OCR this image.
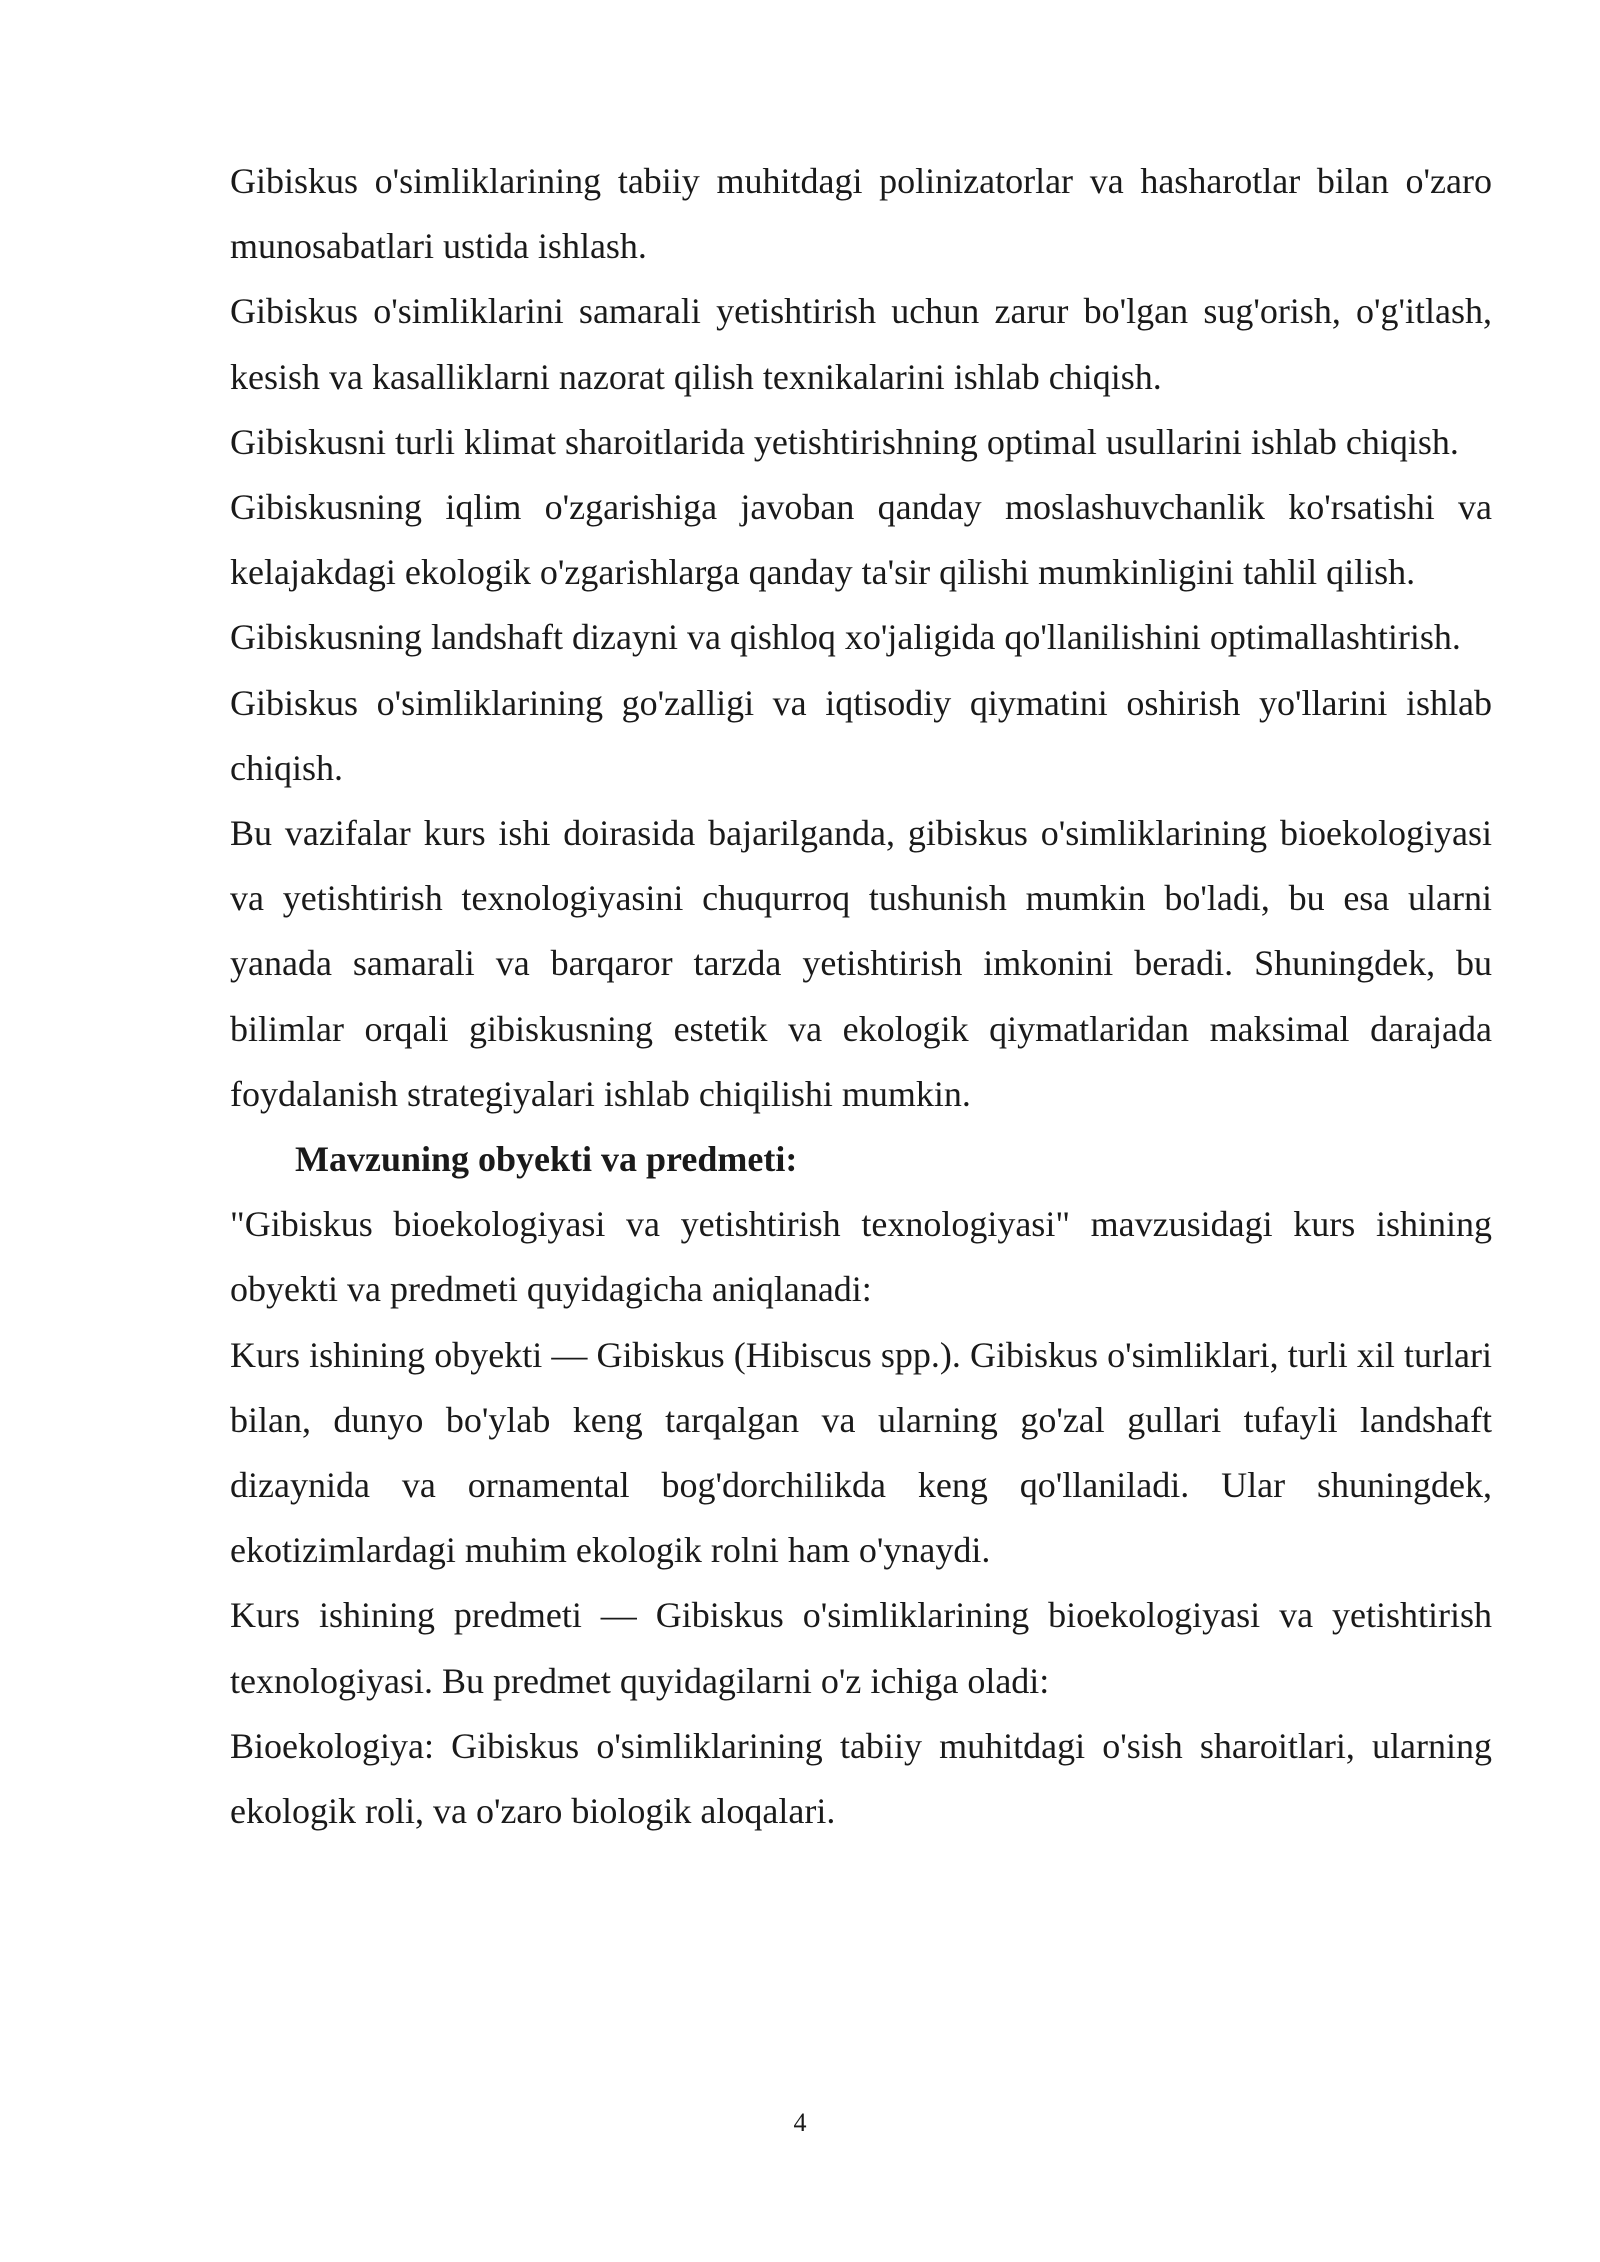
Gibiskus o'simliklarining tabiiy muhitdagi polinizatorlar va hasharotlar bilan o'zaro munosabatlari ustida ishlash.

Gibiskus o'simliklarini samarali yetishtirish uchun zarur bo'lgan sug'orish, o'g'itlash, kesish va kasalliklarni nazorat qilish texnikalarini ishlab chiqish.

Gibiskusni turli klimat sharoitlarida yetishtirishning optimal usullarini ishlab chiqish.

Gibiskusning iqlim o'zgarishiga javoban qanday moslashuvchanlik ko'rsatishi va kelajakdagi ekologik o'zgarishlarga qanday ta'sir qilishi mumkinligini tahlil qilish.

Gibiskusning landshaft dizayni va qishloq xo'jaligida qo'llanilishini optimallashtirish.

Gibiskus o'simliklarining go'zalligi va iqtisodiy qiymatini oshirish yo'llarini ishlab chiqish.

Bu vazifalar kurs ishi doirasida bajarilganda, gibiskus o'simliklarining bioekologiyasi va yetishtirish texnologiyasini chuqurroq tushunish mumkin bo'ladi, bu esa ularni yanada samarali va barqaror tarzda yetishtirish imkonini beradi. Shuningdek, bu bilimlar orqali gibiskusning estetik va ekologik qiymatlaridan maksimal darajada foydalanish strategiyalari ishlab chiqilishi mumkin.

Mavzuning obyekti va predmeti:

"Gibiskus bioekologiyasi va yetishtirish texnologiyasi" mavzusidagi kurs ishining obyekti va predmeti quyidagicha aniqlanadi:

Kurs ishining obyekti — Gibiskus (Hibiscus spp.). Gibiskus o'simliklari, turli xil turlari bilan, dunyo bo'ylab keng tarqalgan va ularning go'zal gullari tufayli landshaft dizaynida va ornamental bog'dorchilikda keng qo'llaniladi. Ular shuningdek, ekotizimlardagi muhim ekologik rolni ham o'ynaydi.

Kurs ishining predmeti — Gibiskus o'simliklarining bioekologiyasi va yetishtirish texnologiyasi. Bu predmet quyidagilarni o'z ichiga oladi:

Bioekologiya: Gibiskus o'simliklarining tabiiy muhitdagi o'sish sharoitlari, ularning ekologik roli, va o'zaro biologik aloqalari.

4
